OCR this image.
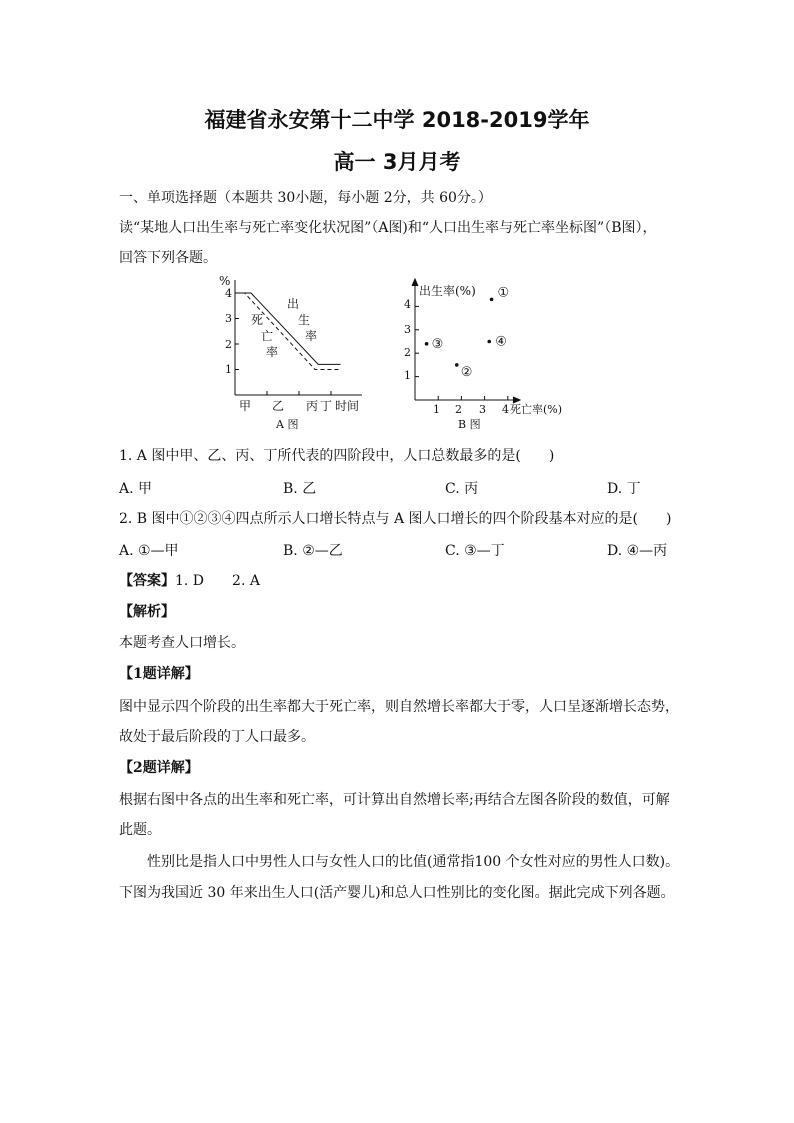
福建省永安第十二中学 2018-2019学年
高一 3月月考
一、单项选择题（本题共 30小题，每小题 2分，共 60分。）
读“某地人口出生率与死亡率变化状况图”（A图)和“人口出生率与死亡率坐标图”（B图），
回答下列各题。
%
出
生
率
死
亡
率
4
3
2
1
甲 乙 丙 丁 时间
A 图
①
②
③	④
出生率(%)
死亡率(%)
4
3
2
1
1 2 3 4
B 图
1. A 图中甲、乙、丙、丁所代表的四阶段中，人口总数最多的是(　　)
A. 甲	B. 乙	C. 丙	D. 丁
2. B 图中①②③④四点所示人口增长特点与 A 图人口增长的四个阶段基本对应的是(　　)
A. ①—甲	B. ②—乙	C. ③—丁	D. ④—丙
【答案】1. D　　2. A
【解析】
本题考查人口增长。
【1题详解】
图中显示四个阶段的出生率都大于死亡率，则自然增长率都大于零，人口呈逐渐增长态势，
故处于最后阶段的丁人口最多。
【2题详解】
根据右图中各点的出生率和死亡率，可计算出自然增长率;再结合左图各阶段的数值，可解
此题。
性别比是指人口中男性人口与女性人口的比值(通常指100 个女性对应的男性人口数)。
下图为我国近 30 年来出生人口(活产婴儿)和总人口性别比的变化图。据此完成下列各题。
